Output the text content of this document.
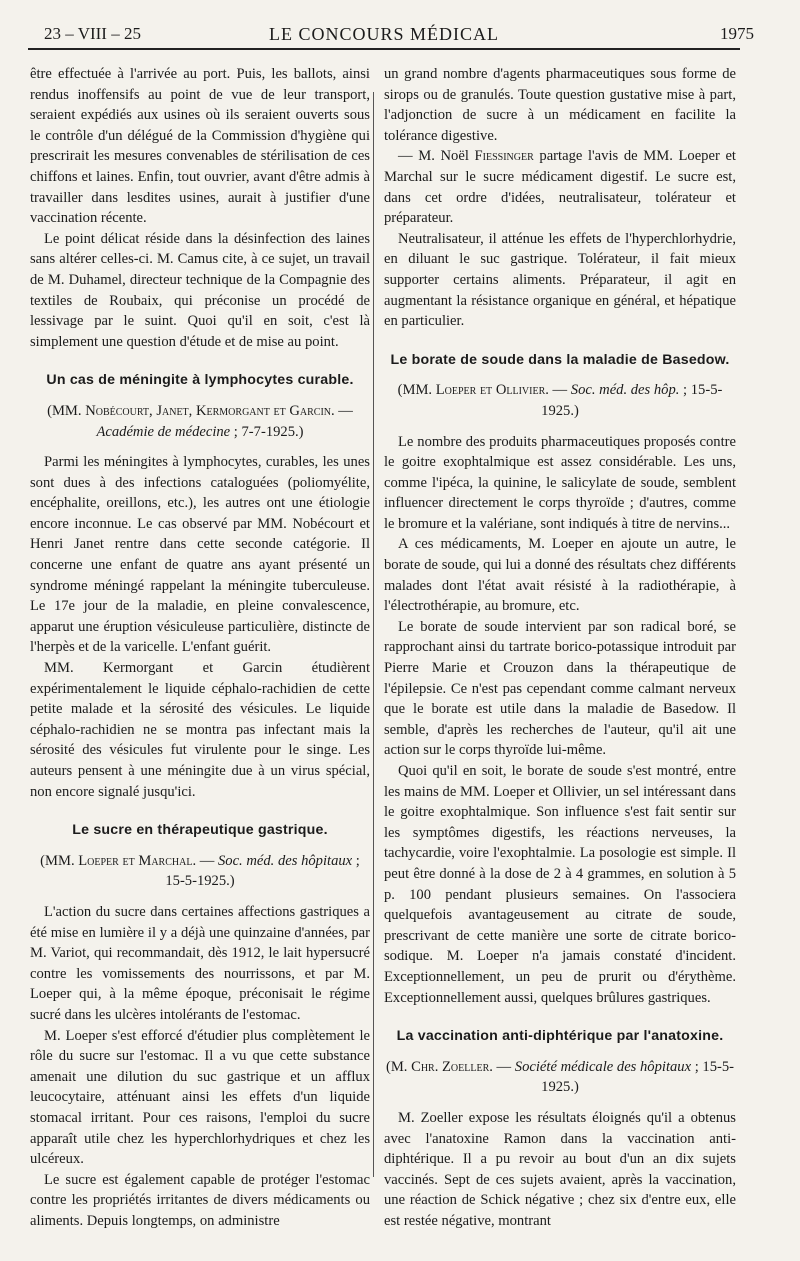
23 – VIII – 25	LE CONCOURS MÉDICAL	1975

être effectuée à l'arrivée au port. Puis, les ballots, ainsi rendus inoffensifs au point de vue de leur transport, seraient expédiés aux usines où ils seraient ouverts sous le contrôle d'un délégué de la Commission d'hygiène qui prescrirait les mesures convenables de stérilisation de ces chiffons et laines. Enfin, tout ouvrier, avant d'être admis à travailler dans lesdites usines, aurait à justifier d'une vaccination récente.

Le point délicat réside dans la désinfection des laines sans altérer celles-ci. M. Camus cite, à ce sujet, un travail de M. Duhamel, directeur technique de la Compagnie des textiles de Roubaix, qui préconise un procédé de lessivage par le suint. Quoi qu'il en soit, c'est là simplement une question d'étude et de mise au point.

Un cas de méningite à lymphocytes curable.

(MM. Nobécourt, Janet, Kermorgant et Garcin. — Académie de médecine ; 7-7-1925.)

Parmi les méningites à lymphocytes, curables, les unes sont dues à des infections cataloguées (poliomyélite, encéphalite, oreillons, etc.), les autres ont une étiologie encore inconnue. Le cas observé par MM. Nobécourt et Henri Janet rentre dans cette seconde catégorie. Il concerne une enfant de quatre ans ayant présenté un syndrome méningé rappelant la méningite tuberculeuse. Le 17e jour de la maladie, en pleine convalescence, apparut une éruption vésiculeuse particulière, distincte de l'herpès et de la varicelle. L'enfant guérit.

MM. Kermorgant et Garcin étudièrent expérimentalement le liquide céphalo-rachidien de cette petite malade et la sérosité des vésicules. Le liquide céphalo-rachidien ne se montra pas infectant mais la sérosité des vésicules fut virulente pour le singe. Les auteurs pensent à une méningite due à un virus spécial, non encore signalé jusqu'ici.

Le sucre en thérapeutique gastrique.

(MM. Loeper et Marchal. — Soc. méd. des hôpitaux ; 15-5-1925.)

L'action du sucre dans certaines affections gastriques a été mise en lumière il y a déjà une quinzaine d'années, par M. Variot, qui recommandait, dès 1912, le lait hypersucré contre les vomissements des nourrissons, et par M. Loeper qui, à la même époque, préconisait le régime sucré dans les ulcères intolérants de l'estomac.

M. Loeper s'est efforcé d'étudier plus complètement le rôle du sucre sur l'estomac. Il a vu que cette substance amenait une dilution du suc gastrique et un afflux leucocytaire, atténuant ainsi les effets d'un liquide stomacal irritant. Pour ces raisons, l'emploi du sucre apparaît utile chez les hyperchlorhydriques et chez les ulcéreux.

Le sucre est également capable de protéger l'estomac contre les propriétés irritantes de divers médicaments ou aliments. Depuis longtemps, on administre

un grand nombre d'agents pharmaceutiques sous forme de sirops ou de granulés. Toute question gustative mise à part, l'adjonction de sucre à un médicament en facilite la tolérance digestive.

— M. Noël Fiessinger partage l'avis de MM. Loeper et Marchal sur le sucre médicament digestif. Le sucre est, dans cet ordre d'idées, neutralisateur, tolérateur et préparateur.

Neutralisateur, il atténue les effets de l'hyperchlorhydrie, en diluant le suc gastrique. Tolérateur, il fait mieux supporter certains aliments. Préparateur, il agit en augmentant la résistance organique en général, et hépatique en particulier.

Le borate de soude dans la maladie de Basedow.

(MM. Loeper et Ollivier. — Soc. méd. des hôp. ; 15-5-1925.)

Le nombre des produits pharmaceutiques proposés contre le goitre exophtalmique est assez considérable. Les uns, comme l'ipéca, la quinine, le salicylate de soude, semblent influencer directement le corps thyroïde ; d'autres, comme le bromure et la valériane, sont indiqués à titre de nervins...

A ces médicaments, M. Loeper en ajoute un autre, le borate de soude, qui lui a donné des résultats chez différents malades dont l'état avait résisté à la radiothérapie, à l'électrothérapie, au bromure, etc.

Le borate de soude intervient par son radical boré, se rapprochant ainsi du tartrate borico-potassique introduit par Pierre Marie et Crouzon dans la thérapeutique de l'épilepsie. Ce n'est pas cependant comme calmant nerveux que le borate est utile dans la maladie de Basedow. Il semble, d'après les recherches de l'auteur, qu'il ait une action sur le corps thyroïde lui-même.

Quoi qu'il en soit, le borate de soude s'est montré, entre les mains de MM. Loeper et Ollivier, un sel intéressant dans le goitre exophtalmique. Son influence s'est fait sentir sur les symptômes digestifs, les réactions nerveuses, la tachycardie, voire l'exophtalmie. La posologie est simple. Il peut être donné à la dose de 2 à 4 grammes, en solution à 5 p. 100 pendant plusieurs semaines. On l'associera quelquefois avantageusement au citrate de soude, prescrivant de cette manière une sorte de citrate borico-sodique. M. Loeper n'a jamais constaté d'incident. Exceptionnellement, un peu de prurit ou d'érythème. Exceptionnellement aussi, quelques brûlures gastriques.

La vaccination anti-diphtérique par l'anatoxine.

(M. Chr. Zoeller. — Société médicale des hôpitaux ; 15-5-1925.)

M. Zoeller expose les résultats éloignés qu'il a obtenus avec l'anatoxine Ramon dans la vaccination anti-diphtérique. Il a pu revoir au bout d'un an dix sujets vaccinés. Sept de ces sujets avaient, après la vaccination, une réaction de Schick négative ; chez six d'entre eux, elle est restée négative, montrant
